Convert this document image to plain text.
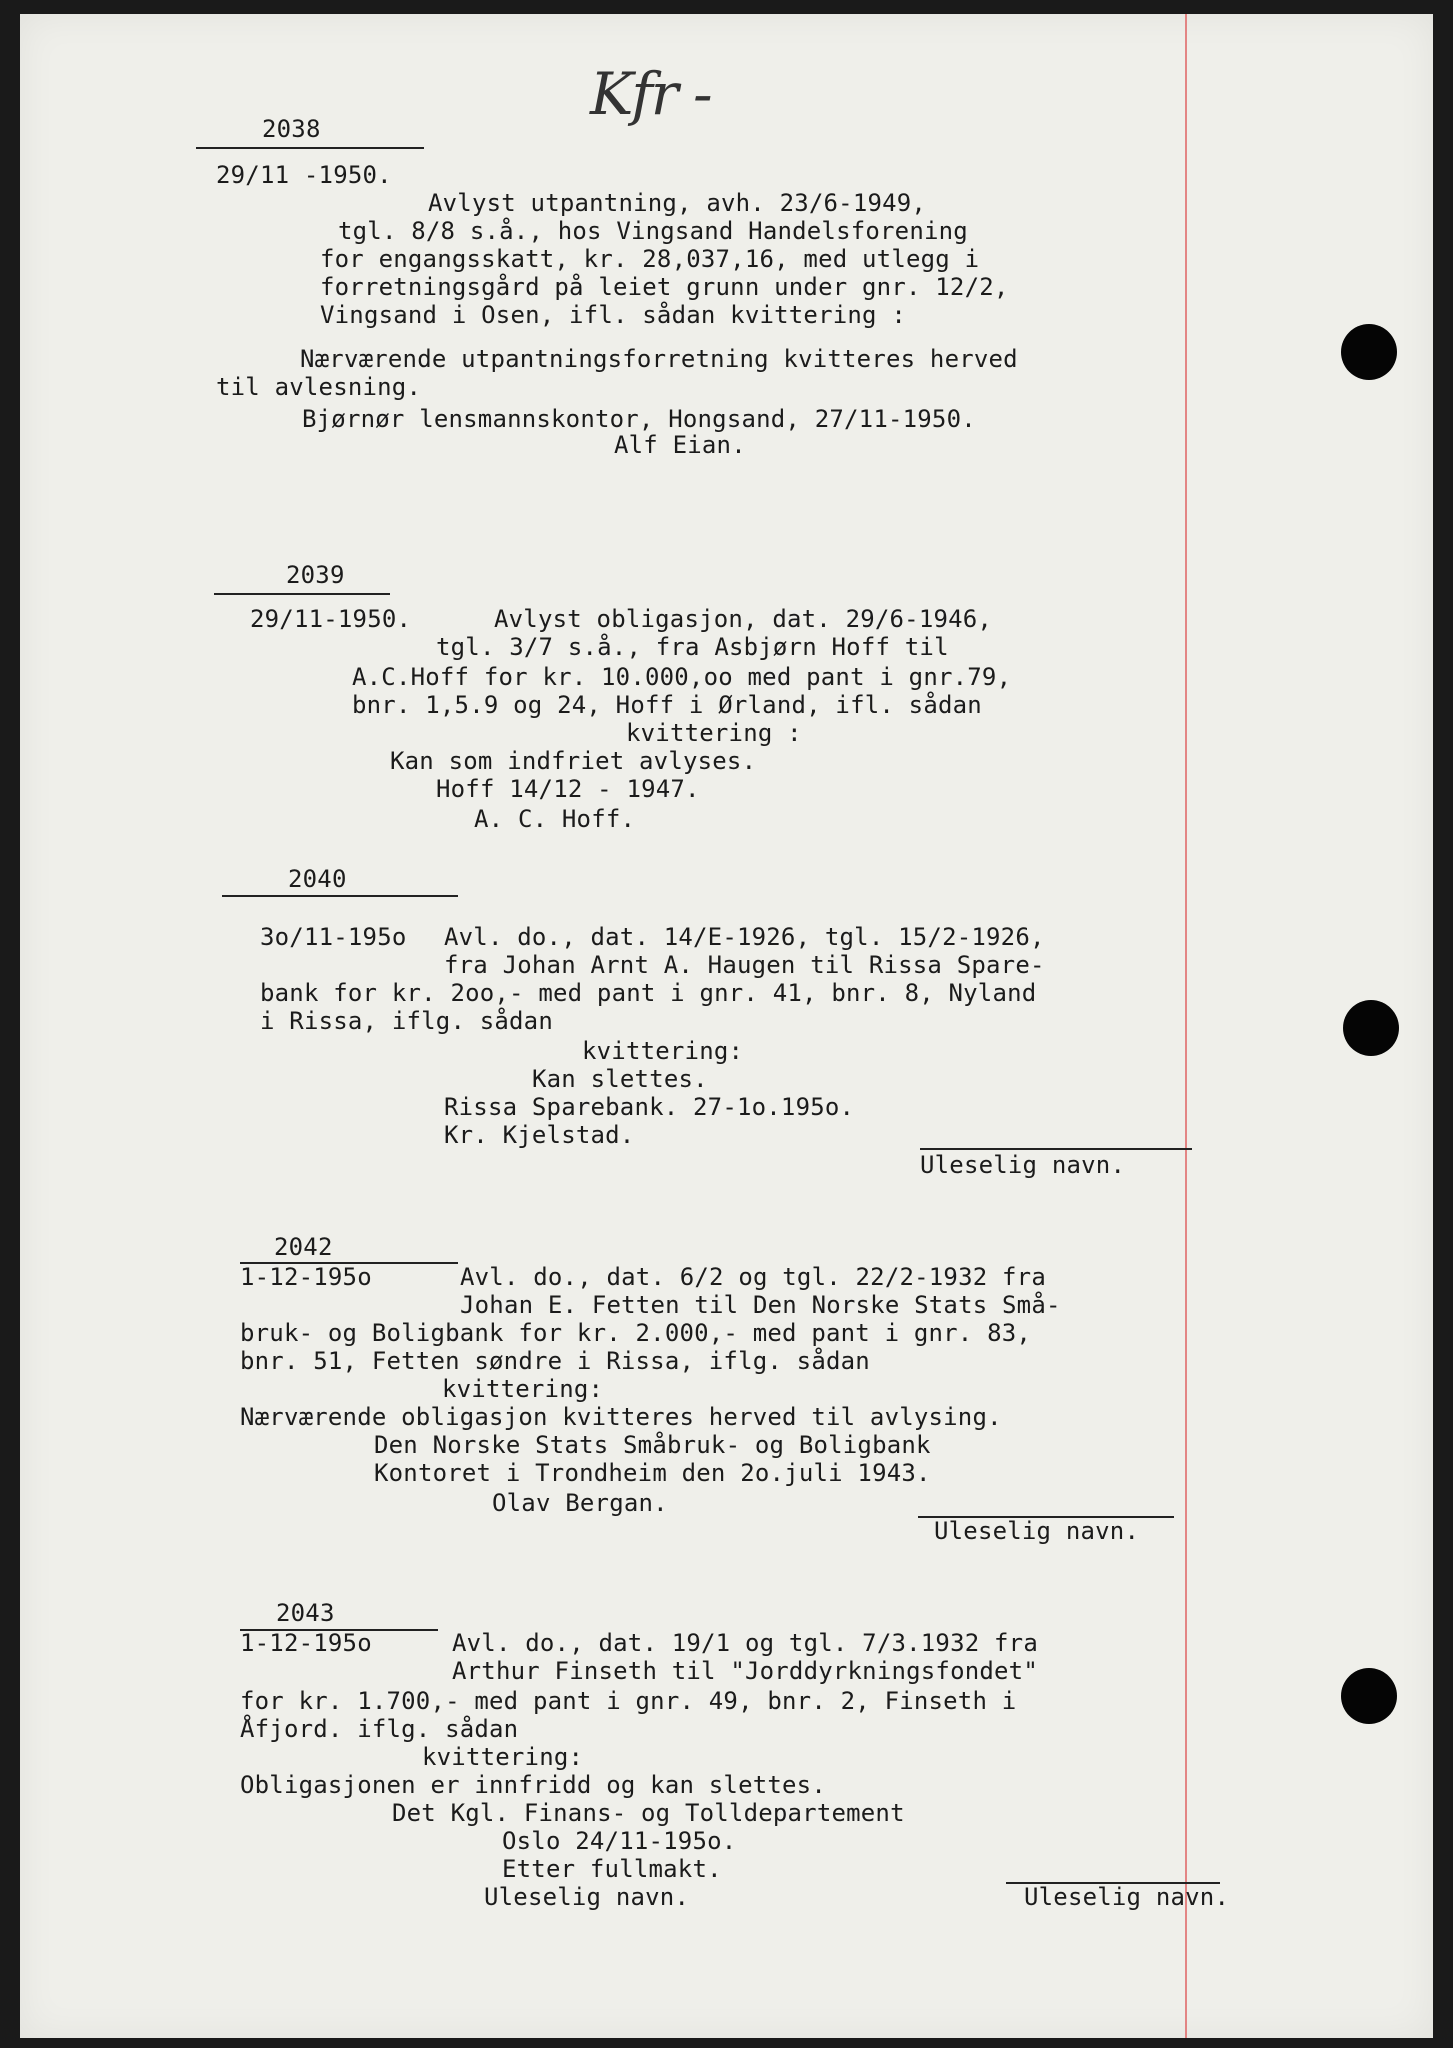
Kfr -
2038
29/11 -1950.
Avlyst utpantning, avh. 23/6-1949,
tgl. 8/8 s.å., hos Vingsand Handelsforening
for engangsskatt, kr. 28,037,16, med utlegg i
forretningsgård på leiet grunn under gnr. 12/2,
Vingsand i Osen, ifl. sådan kvittering :
Nærværende utpantningsforretning kvitteres herved
til avlesning.
Bjørnør lensmannskontor, Hongsand, 27/11-1950.
Alf Eian.
2039
29/11-1950.	Avlyst obligasjon, dat. 29/6-1946,
tgl. 3/7 s.å., fra Asbjørn Hoff til
A.C.Hoff for kr. 10.000,oo med pant i gnr.79,
bnr. 1,5.9 og 24, Hoff i Ørland, ifl. sådan
kvittering :
Kan som indfriet avlyses.
Hoff 14/12 - 1947.
A. C. Hoff.
2040
3o/11-195o Avl. do., dat. 14/E-1926, tgl. 15/2-1926,
fra Johan Arnt A. Haugen til Rissa Spare-
bank for kr. 2oo,- med pant i gnr. 41, bnr. 8, Nyland
i Rissa, iflg. sådan
kvittering:
Kan slettes.
Rissa Sparebank. 27-1o.195o.
Kr. Kjelstad.
Uleselig navn.
2042
1-12-195o	Avl. do., dat. 6/2 og tgl. 22/2-1932 fra
Johan E. Fetten til Den Norske Stats Små-
bruk- og Boligbank for kr. 2.000,- med pant i gnr. 83,
bnr. 51, Fetten søndre i Rissa, iflg. sådan
kvittering:
Nærværende obligasjon kvitteres herved til avlysing.
Den Norske Stats Småbruk- og Boligbank
Kontoret i Trondheim den 2o.juli 1943.
Olav Bergan.
Uleselig navn.
2043
1-12-195o	Avl. do., dat. 19/1 og tgl. 7/3.1932 fra
Arthur Finseth til "Jorddyrkningsfondet"
for kr. 1.700,- med pant i gnr. 49, bnr. 2, Finseth i
Åfjord. iflg. sådan
kvittering:
Obligasjonen er innfridd og kan slettes.
Det Kgl. Finans- og Tolldepartement
Oslo 24/11-195o.
Etter fullmakt.
Uleselig navn.	Uleselig navn.
